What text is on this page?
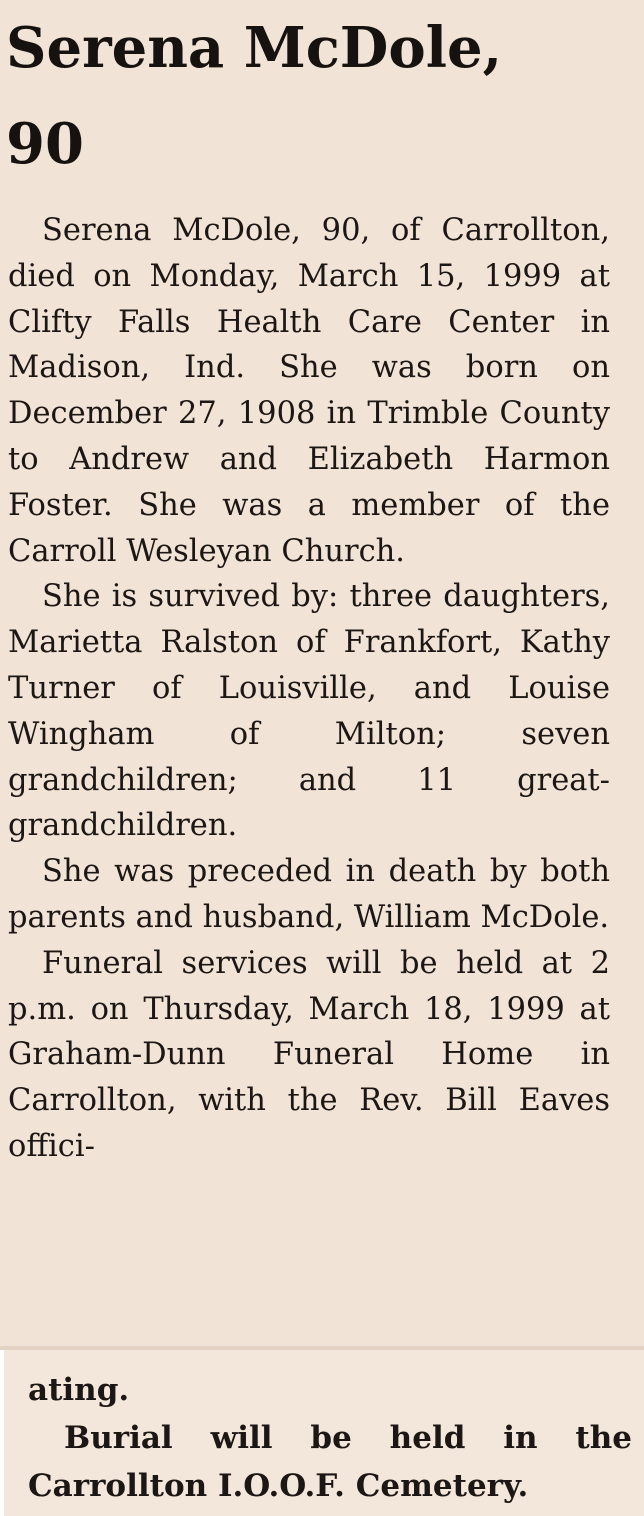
Serena McDole,
90

Serena McDole, 90, of Carrollton, died on Monday, March 15, 1999 at Clifty Falls Health Care Center in Madison, Ind. She was born on December 27, 1908 in Trimble County to Andrew and Elizabeth Harmon Foster. She was a member of the Carroll Wesleyan Church.

She is survived by: three daughters, Marietta Ralston of Frankfort, Kathy Turner of Louisville, and Louise Wingham of Milton; seven grandchildren; and 11 great-grandchildren.

She was preceded in death by both parents and husband, William McDole.

Funeral services will be held at 2 p.m. on Thursday, March 18, 1999 at Graham-Dunn Funeral Home in Carrollton, with the Rev. Bill Eaves offici-

ating.

Burial will be held in the Carrollton I.O.O.F. Cemetery.
